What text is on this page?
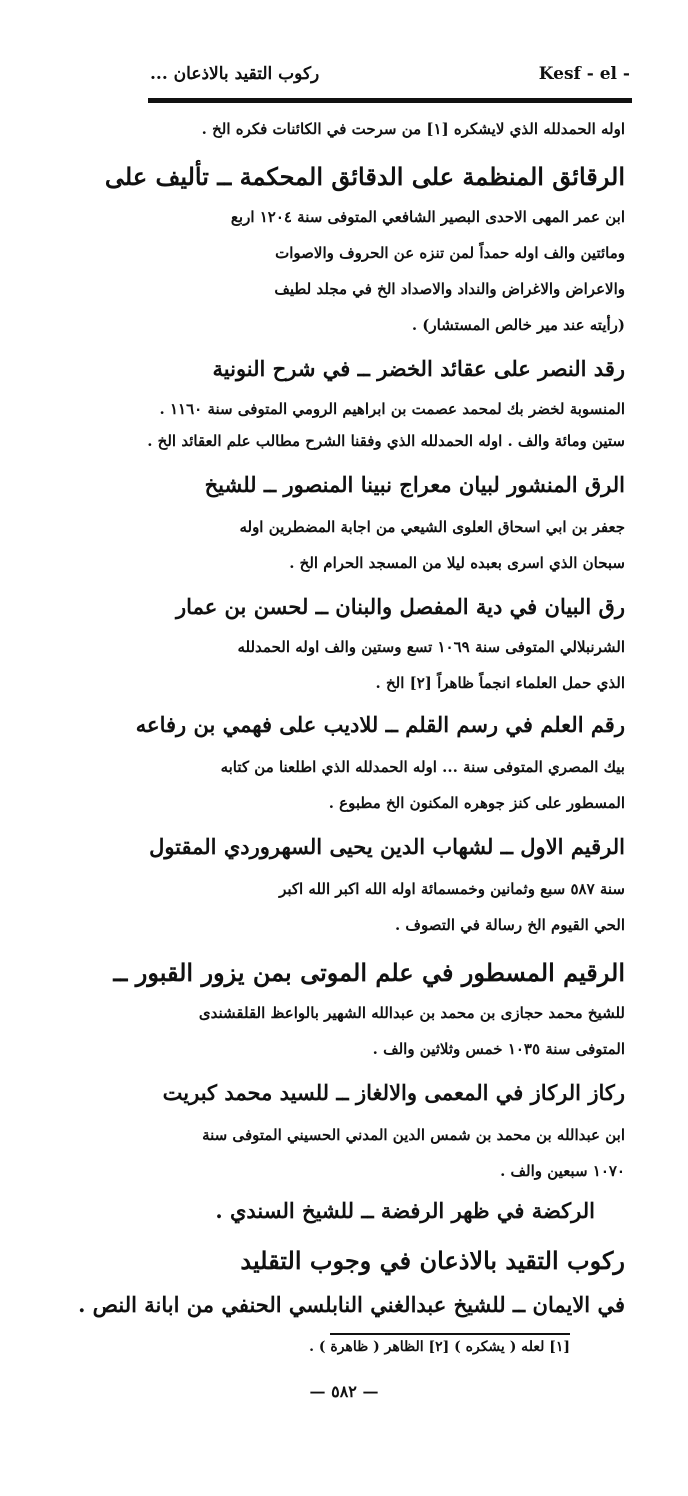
ركوب التقيد بالاذعان ...	Kesf - el -
اوله الحمدلله الذي لايشكره [١] من سرحت في الكائنات فكره الخ .
الرقائق المنظمة على الدقائق المحكمة ــ تأليف على
ابن عمر المهى الاحدى البصير الشافعي المتوفى سنة ١٢٠٤ اربع
ومائتين والف اوله حمداً لمن تنزه عن الحروف والاصوات
والاعراض والاغراض والنداد والاصداد الخ في مجلد لطيف
(رأيته عند مير خالص المستشار) .
رقد النصر على عقائد الخضر ــ في شرح النونية
المنسوبة لخضر بك لمحمد عصمت بن ابراهيم الرومي المتوفى سنة ١١٦٠ .
ستين ومائة والف . اوله الحمدلله الذي وفقنا الشرح مطالب علم العقائد الخ .
الرق المنشور لبيان معراج نبينا المنصور ــ للشيخ
جعفر بن ابي اسحاق العلوى الشيعي من اجابة المضطرين اوله
سبحان الذي اسرى بعبده ليلا من المسجد الحرام الخ .
رق البيان في دية المفصل والبنان ــ لحسن بن عمار
الشرنبلالي المتوفى سنة ١٠٦٩ تسع وستين والف اوله الحمدلله
الذي حمل العلماء انجماً ظاهراً [٢] الخ .
رقم العلم في رسم القلم ــ للاديب على فهمي بن رفاعه
بيك المصري المتوفى سنة ... اوله الحمدلله الذي اطلعنا من كتابه
المسطور على كنز جوهره المكنون الخ مطبوع .
الرقيم الاول ــ لشهاب الدين يحيى السهروردي المقتول
سنة ٥٨٧ سبع وثمانين وخمسمائة اوله الله اكبر الله اكبر
الحي القيوم الخ رسالة في التصوف .
الرقيم المسطور في علم الموتى بمن يزور القبور ــ
للشيخ محمد حجازى بن محمد بن عبدالله الشهير بالواعظ القلقشندى
المتوفى سنة ١٠٣٥ خمس وثلاثين والف .
ركاز الركاز في المعمى والالغاز ــ للسيد محمد كبريت
ابن عبدالله بن محمد بن شمس الدين المدني الحسيني المتوفى سنة
١٠٧٠ سبعين والف .
الركضة في ظهر الرفضة ــ للشيخ السندي .
ركوب التقيد بالاذعان في وجوب التقليد
في الايمان ــ للشيخ عبدالغني النابلسي الحنفي من ابانة النص .
[١] لعله ( يشكره ) [٢] الظاهر ( ظاهرة ) .
— ٥٨٢ —
